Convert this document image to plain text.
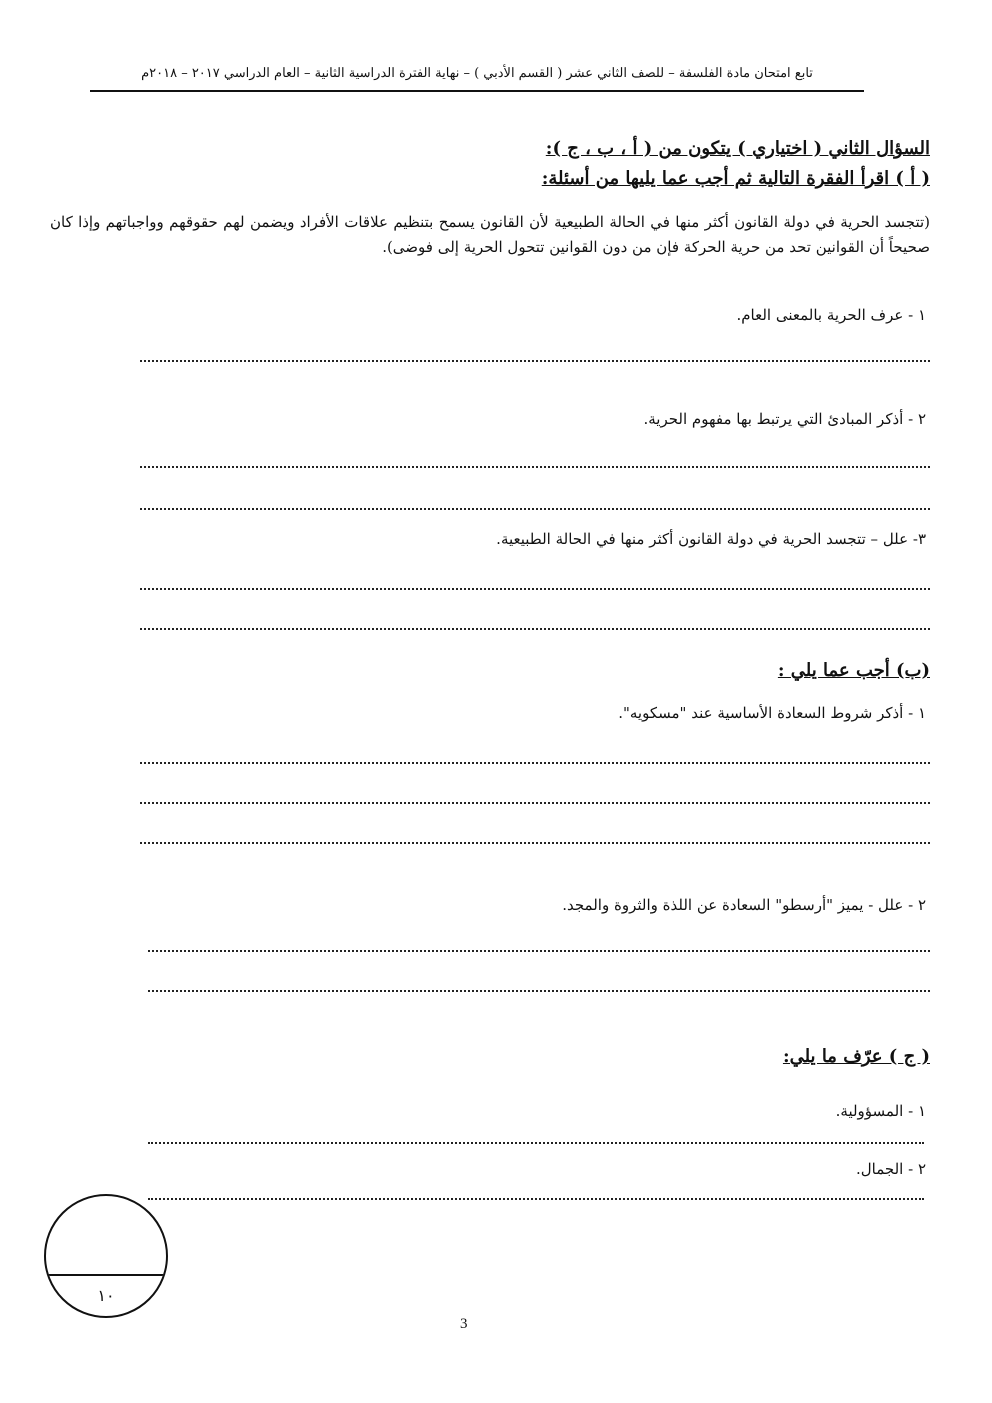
تابع امتحان مادة الفلسفة – للصف الثاني عشر ( القسم الأدبي ) – نهاية الفترة الدراسية الثانية – العام الدراسي ٢٠١٧ – ٢٠١٨م
السؤال الثاني ( اختياري ) يتكون من ( أ ، ب ، ج ):
( أ ) اقرأ الفقرة التالية ثم أجب عما يليها من أسئلة:
(تتجسد الحرية في دولة القانون أكثر منها في الحالة الطبيعية لأن القانون يسمح بتنظيم علاقات الأفراد ويضمن لهم حقوقهم وواجباتهم وإذا كان صحيحاً أن القوانين تحد من حرية الحركة فإن من دون القوانين تتحول الحرية إلى فوضى).
١ - عرف الحرية بالمعنى العام.
٢ - أذكر المبادئ التي يرتبط بها مفهوم الحرية.
٣- علل – تتجسد الحرية في دولة القانون أكثر منها في الحالة الطبيعية.
(ب) أجب عما يلي :
١ - أذكر شروط السعادة الأساسية عند "مسكويه".
٢ - علل - يميز "أرسطو" السعادة عن اللذة والثروة والمجد.
( ج ) عرّف ما يلي:
١ - المسؤولية.
٢ - الجمال.
١٠
3
